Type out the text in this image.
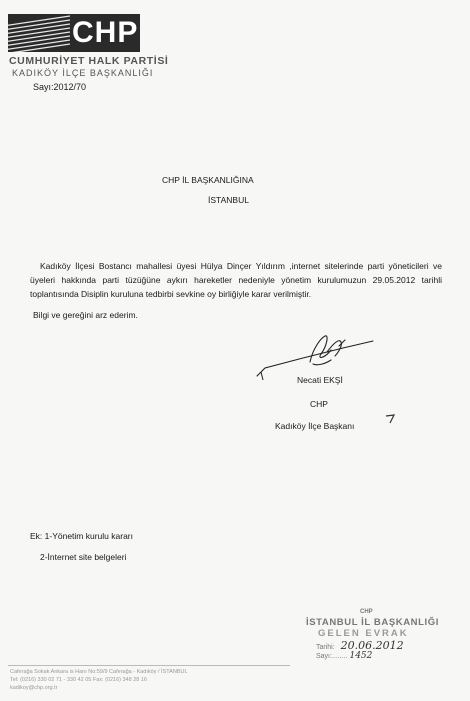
CHP
CUMHURİYET HALK PARTİSİ
KADIKÖY İLÇE BAŞKANLIĞI
Sayı:2012/70
CHP İL BAŞKANLIĞINA
İSTANBUL

Kadıköy İlçesi Bostancı mahallesi üyesi Hülya Dinçer Yıldırım ,internet sitelerinde parti yöneticileri ve üyeleri hakkında parti tüzüğüne aykırı hareketler nedeniyle yönetim kurulumuzun 29.05.2012 tarihli toplantısında Disiplin kuruluna tedbirbi sevkine oy birliğiyle karar verilmiştir.

Bilgi ve gereğini arz ederim.
Necati EKŞİ
CHP
Kadıköy İlçe Başkanı
Ek: 1-Yönetim kurulu kararı
2-İnternet site belgeleri
CHP
İSTANBUL İL BAŞKANLIĞI
GELEN EVRAK
Tarihi: 20.06.2012
Sayı:........ 1452
Caferağa Sokak Ankara is Hanı No:59/9 Caferağa - Kadıköy / İSTANBUL
Tel: (0216) 330 02 71 - 330 42 05 Fax: (0216) 348 28 16
kadikoy@chp.org.tr
